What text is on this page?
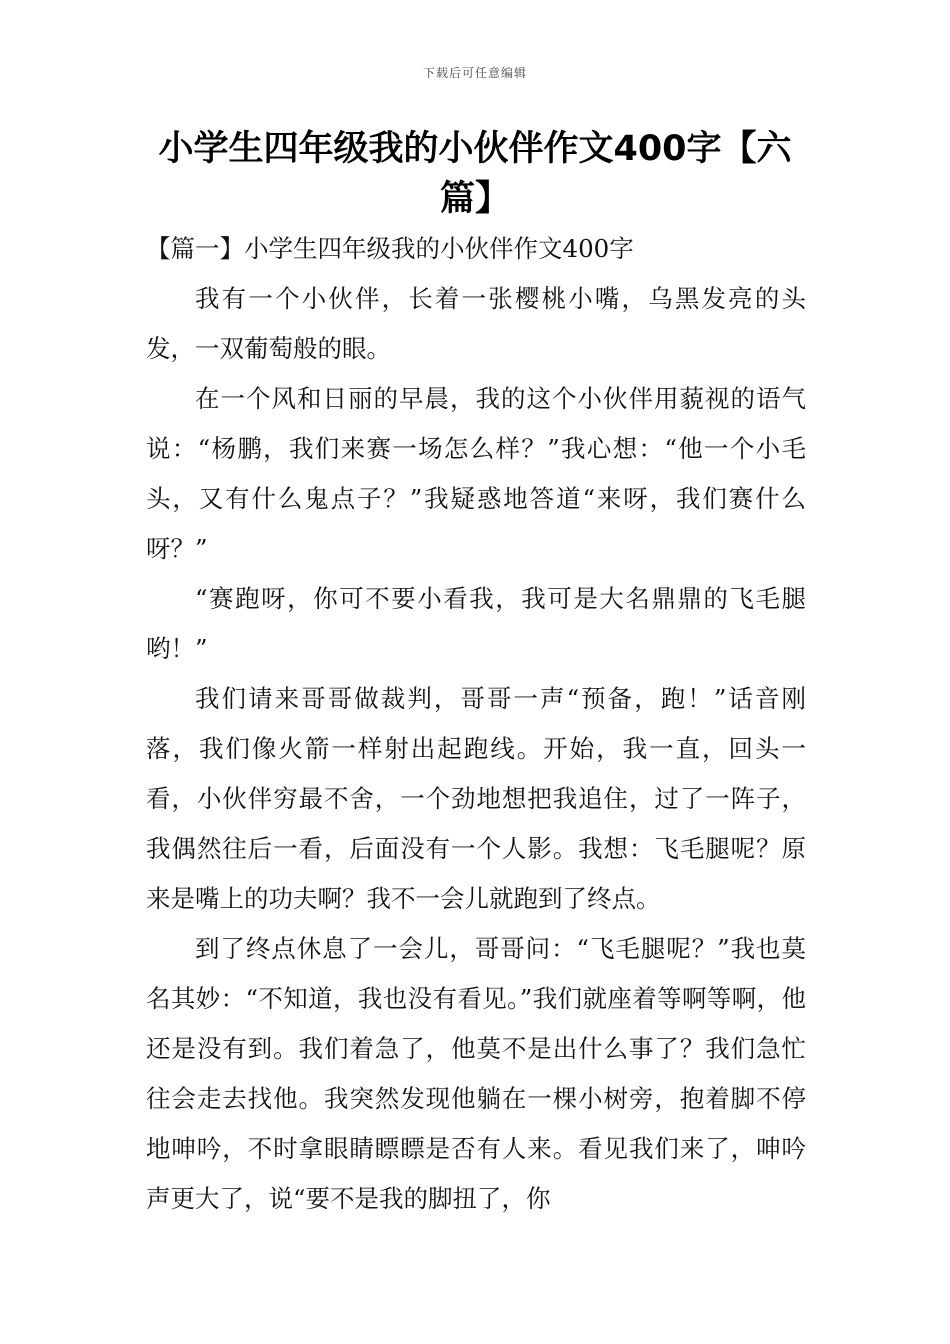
下载后可任意编辑
小学生四年级我的小伙伴作文400字【六篇】

【篇一】小学生四年级我的小伙伴作文400字

我有一个小伙伴，长着一张樱桃小嘴，乌黑发亮的头发，一双葡萄般的眼。

在一个风和日丽的早晨，我的这个小伙伴用藐视的语气说：“杨鹏，我们来赛一场怎么样？”我心想：“他一个小毛头，又有什么鬼点子？”我疑惑地答道“来呀，我们赛什么呀？”

“赛跑呀，你可不要小看我，我可是大名鼎鼎的飞毛腿哟！”

我们请来哥哥做裁判，哥哥一声“预备，跑！”话音刚落，我们像火箭一样射出起跑线。开始，我一直，回头一看，小伙伴穷最不舍，一个劲地想把我追住，过了一阵子，我偶然往后一看，后面没有一个人影。我想：飞毛腿呢？原来是嘴上的功夫啊？我不一会儿就跑到了终点。

到了终点休息了一会儿，哥哥问：“飞毛腿呢？”我也莫名其妙：“不知道，我也没有看见。”我们就座着等啊等啊，他还是没有到。我们着急了，他莫不是出什么事了？我们急忙往会走去找他。我突然发现他躺在一棵小树旁，抱着脚不停地呻吟，不时拿眼睛瞟瞟是否有人来。看见我们来了，呻吟声更大了，说“要不是我的脚扭了，你
